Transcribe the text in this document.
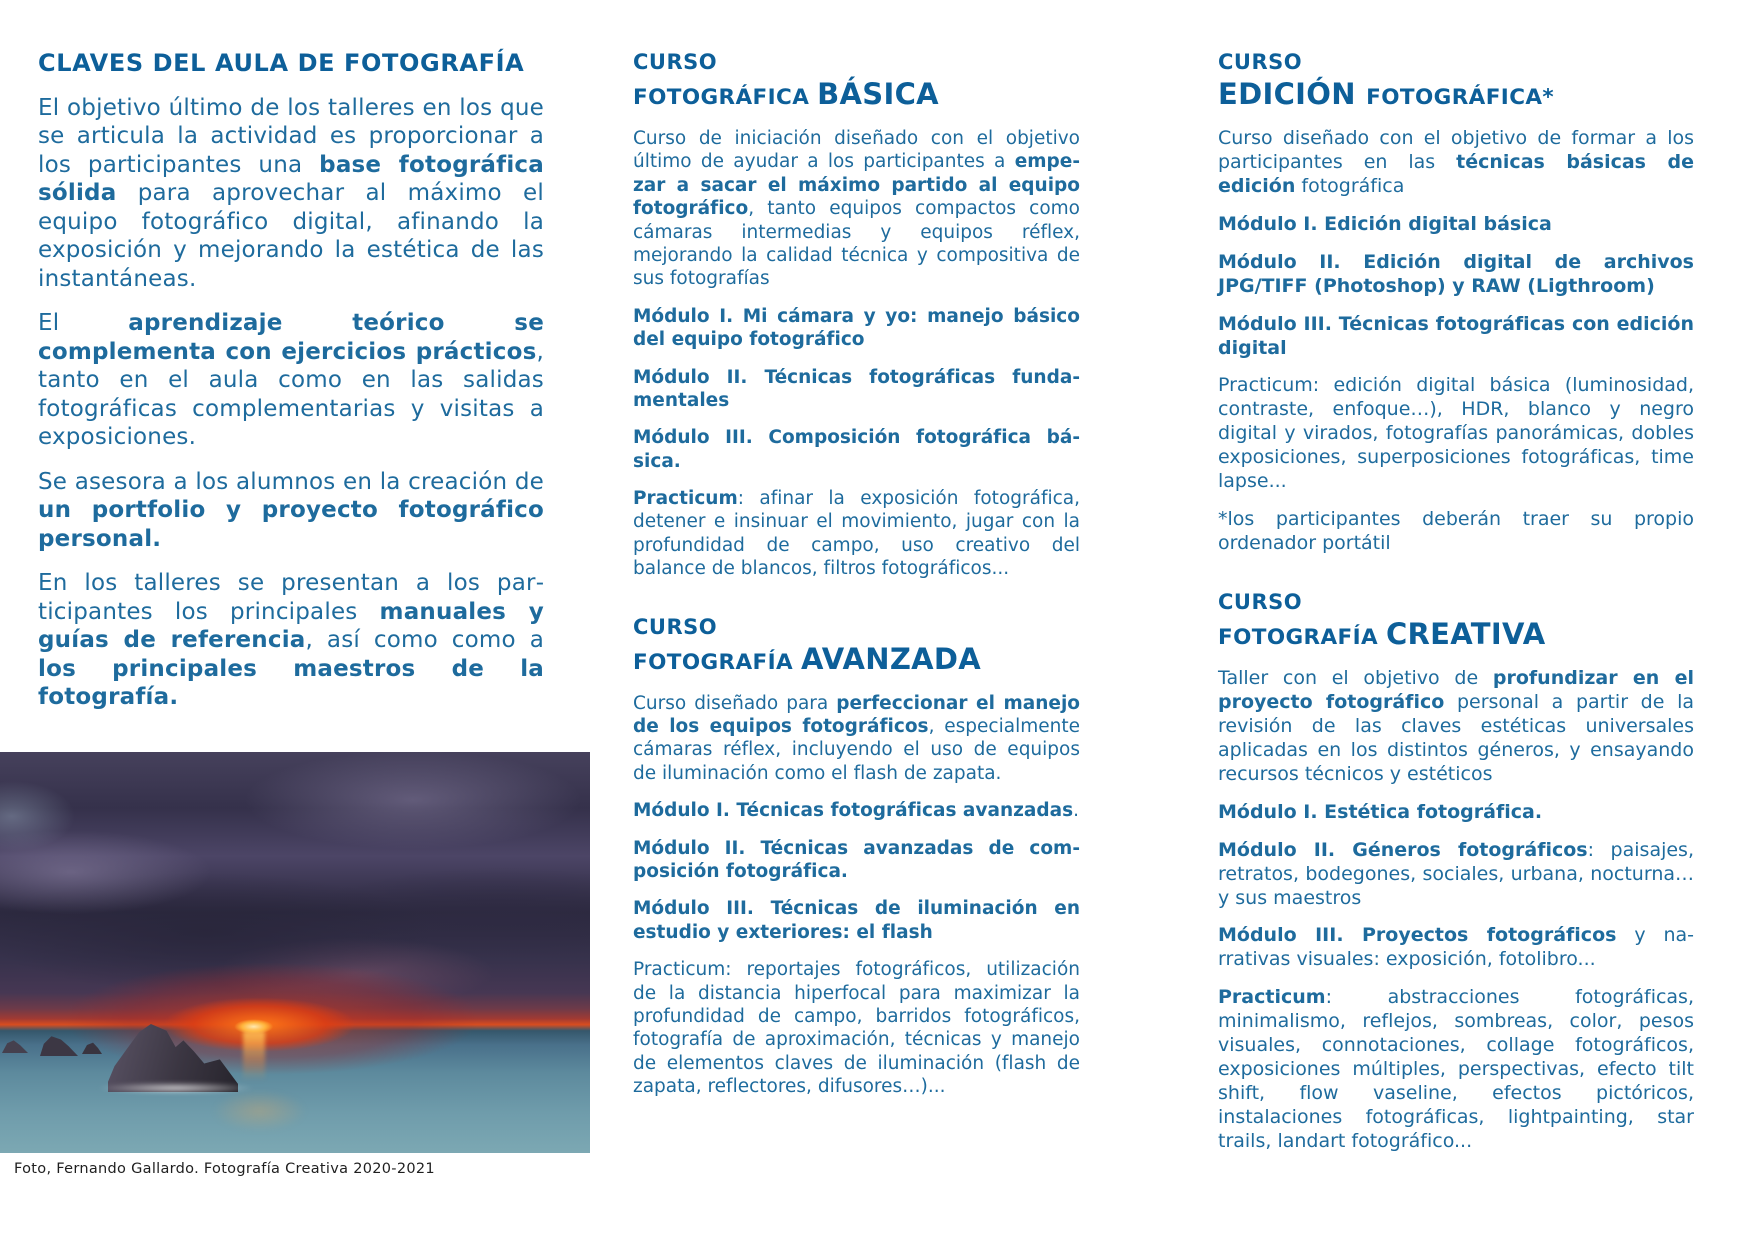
CLAVES DEL AULA DE FOTOGRAFÍA

El objetivo último de los talleres en los que se articula la actividad es proporcionar a los participantes una base fotográfica sólida para aprovechar al máximo el equipo fotográfico digital, afinando la exposición y mejorando la estética de las instantáneas.

El aprendizaje teórico se complementa con ejercicios prácticos, tanto en el aula como en las salidas fotográficas complementarias y visitas a exposiciones.

Se asesora a los alumnos en la creación de un portfolio y proyecto fotográfico personal.

En los talleres se presentan a los participantes los principales manuales y guías de referencia, así como como a los principales maestros de la fotografía.

CURSO
FOTOGRÁFICA BÁSICA

Curso de iniciación diseñado con el objetivo último de ayudar a los participantes a empezar a sacar el máximo partido al equipo fotográfico, tanto equipos compactos como cámaras intermedias y equipos réflex, mejorando la calidad técnica y compositiva de sus fotografías

Módulo I. Mi cámara y yo: manejo básico del equipo fotográfico

Módulo II. Técnicas fotográficas fundamentales

Módulo III. Composición fotográfica básica.

Practicum: afinar la exposición fotográfica, detener e insinuar el movimiento, jugar con la profundidad de campo, uso creativo del balance de blancos, filtros fotográficos...

CURSO
FOTOGRAFÍA AVANZADA

Curso diseñado para perfeccionar el manejo de los equipos fotográficos, especialmente cámaras réflex, incluyendo el uso de equipos de iluminación como el flash de zapata.

Módulo I. Técnicas fotográficas avanzadas.

Módulo II. Técnicas avanzadas de composición fotográfica.

Módulo III. Técnicas de iluminación en estudio y exteriores: el flash

Practicum: reportajes fotográficos, utilización de la distancia hiperfocal para maximizar la profundidad de campo, barridos fotográficos, fotografía de aproximación, técnicas y manejo de elementos claves de iluminación (flash de zapata, reflectores, difusores…)...

CURSO
EDICIÓN FOTOGRÁFICA*

Curso diseñado con el objetivo de formar a los participantes en las técnicas básicas de edición fotográfica

Módulo I. Edición digital básica

Módulo II. Edición digital de archivos JPG/TIFF (Photoshop) y RAW (Ligthroom)

Módulo III. Técnicas fotográficas con edición digital

Practicum: edición digital básica (luminosidad, contraste, enfoque…), HDR, blanco y negro digital y virados, fotografías panorámicas, dobles exposiciones, superposiciones fotográficas, time lapse...

*los participantes deberán traer su propio ordenador portátil

CURSO
FOTOGRAFÍA CREATIVA

Taller con el objetivo de profundizar en el proyecto fotográfico personal a partir de la revisión de las claves estéticas universales aplicadas en los distintos géneros, y ensayando recursos técnicos y estéticos

Módulo I. Estética fotográfica.

Módulo II. Géneros fotográficos: paisajes, retratos, bodegones, sociales, urbana, nocturna…y sus maestros

Módulo III. Proyectos fotográficos y narrativas visuales: exposición, fotolibro...

Practicum: abstracciones fotográficas, minimalismo, reflejos, sombreas, color, pesos visuales, connotaciones, collage fotográficos, exposiciones múltiples, perspectivas, efecto tilt shift, flow vaseline, efectos pictóricos, instalaciones fotográficas, lightpainting, star trails, landart fotográfico...

Foto, Fernando Gallardo. Fotografía Creativa 2020-2021
